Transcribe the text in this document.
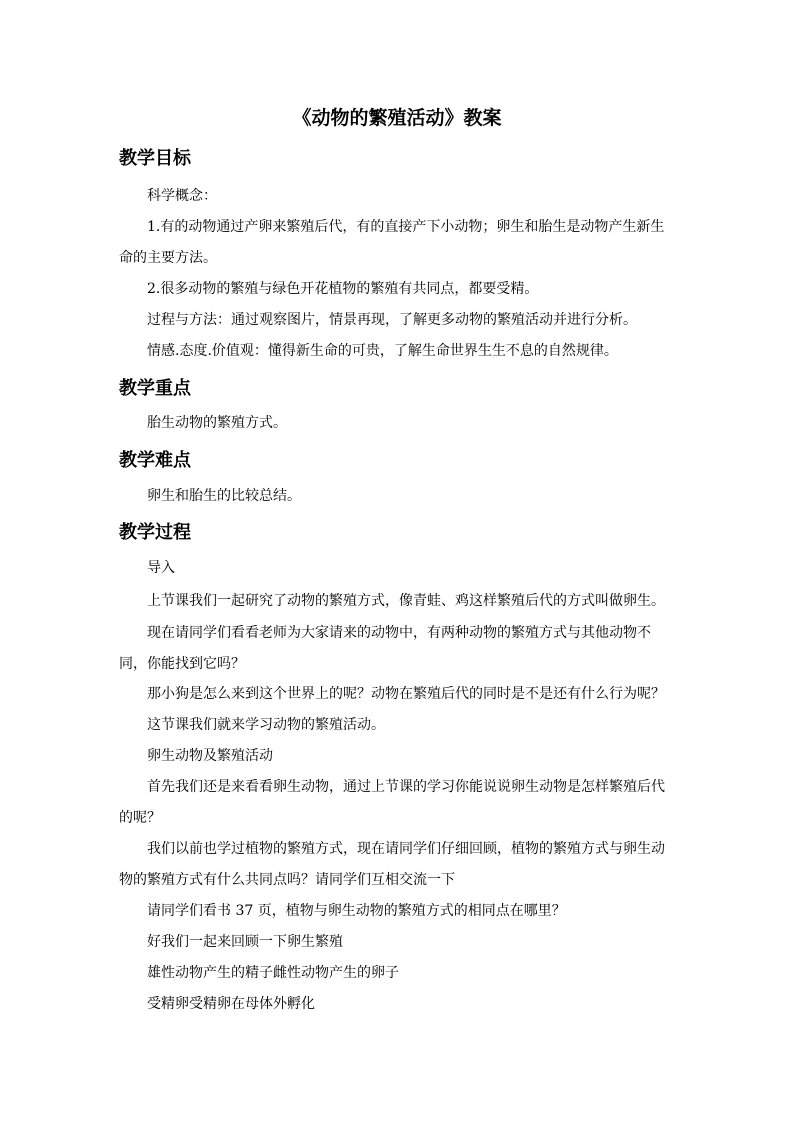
《动物的繁殖活动》教案
教学目标

科学概念：

1.有的动物通过产卵来繁殖后代，有的直接产下小动物；卵生和胎生是动物产生新生命的主要方法。

2.很多动物的繁殖与绿色开花植物的繁殖有共同点，都要受精。

过程与方法：通过观察图片，情景再现，了解更多动物的繁殖活动并进行分析。

情感.态度.价值观：懂得新生命的可贵，了解生命世界生生不息的自然规律。

教学重点

胎生动物的繁殖方式。

教学难点

卵生和胎生的比较总结。

教学过程

导入

上节课我们一起研究了动物的繁殖方式，像青蛙、鸡这样繁殖后代的方式叫做卵生。

现在请同学们看看老师为大家请来的动物中，有两种动物的繁殖方式与其他动物不同，你能找到它吗？

那小狗是怎么来到这个世界上的呢？动物在繁殖后代的同时是不是还有什么行为呢？

这节课我们就来学习动物的繁殖活动。

卵生动物及繁殖活动

首先我们还是来看看卵生动物，通过上节课的学习你能说说卵生动物是怎样繁殖后代的呢？

我们以前也学过植物的繁殖方式，现在请同学们仔细回顾，植物的繁殖方式与卵生动物的繁殖方式有什么共同点吗？请同学们互相交流一下

请同学们看书 37 页，植物与卵生动物的繁殖方式的相同点在哪里？

好我们一起来回顾一下卵生繁殖

雄性动物产生的精子雌性动物产生的卵子

受精卵受精卵在母体外孵化
